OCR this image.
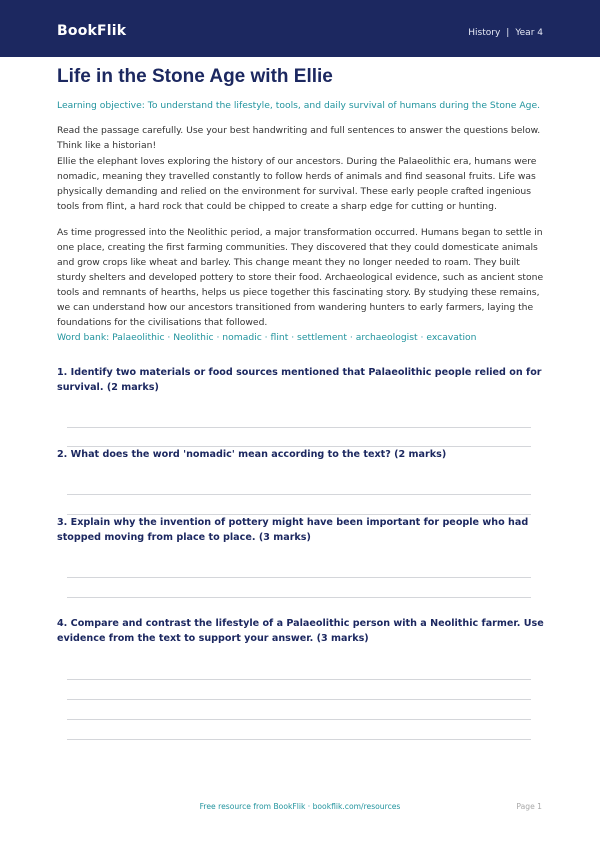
BookFlik	History | Year 4
Life in the Stone Age with Ellie

Learning objective: To understand the lifestyle, tools, and daily survival of humans during the Stone Age.

Read the passage carefully. Use your best handwriting and full sentences to answer the questions below. Think like a historian!

Ellie the elephant loves exploring the history of our ancestors. During the Palaeolithic era, humans were nomadic, meaning they travelled constantly to follow herds of animals and find seasonal fruits. Life was physically demanding and relied on the environment for survival. These early people crafted ingenious tools from flint, a hard rock that could be chipped to create a sharp edge for cutting or hunting.

As time progressed into the Neolithic period, a major transformation occurred. Humans began to settle in one place, creating the first farming communities. They discovered that they could domesticate animals and grow crops like wheat and barley. This change meant they no longer needed to roam. They built sturdy shelters and developed pottery to store their food. Archaeological evidence, such as ancient stone tools and remnants of hearths, helps us piece together this fascinating story. By studying these remains, we can understand how our ancestors transitioned from wandering hunters to early farmers, laying the foundations for the civilisations that followed.

Word bank: Palaeolithic · Neolithic · nomadic · flint · settlement · archaeologist · excavation

1. Identify two materials or food sources mentioned that Palaeolithic people relied on for survival. (2 marks)

2. What does the word 'nomadic' mean according to the text? (2 marks)

3. Explain why the invention of pottery might have been important for people who had stopped moving from place to place. (3 marks)

4. Compare and contrast the lifestyle of a Palaeolithic person with a Neolithic farmer. Use evidence from the text to support your answer. (3 marks)

Free resource from BookFlik · bookflik.com/resources	Page 1
